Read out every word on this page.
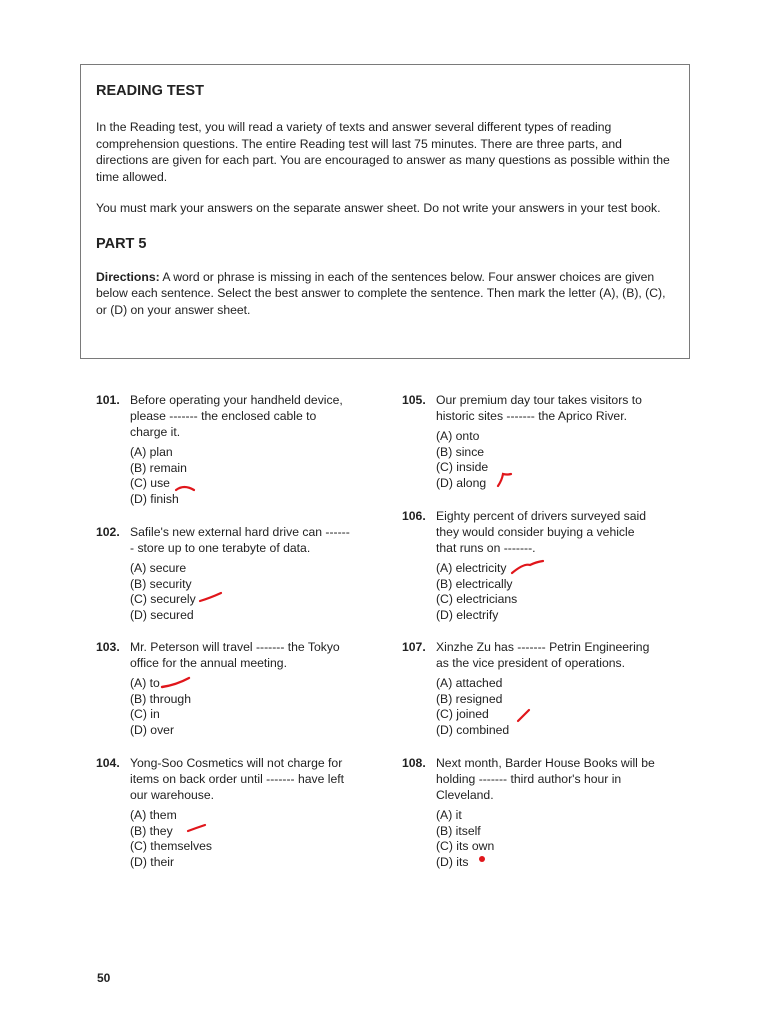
READING TEST

In the Reading test, you will read a variety of texts and answer several different types of reading comprehension questions. The entire Reading test will last 75 minutes. There are three parts, and directions are given for each part. You are encouraged to answer as many questions as possible within the time allowed.

You must mark your answers on the separate answer sheet. Do not write your answers in your test book.

PART 5

Directions: A word or phrase is missing in each of the sentences below. Four answer choices are given below each sentence. Select the best answer to complete the sentence. Then mark the letter (A), (B), (C), or (D) on your answer sheet.

101. Before operating your handheld device, please ------- the enclosed cable to charge it.
(A) plan
(B) remain
(C) use
(D) finish
102. Safile's new external hard drive can ------- store up to one terabyte of data.
(A) secure
(B) security
(C) securely
(D) secured
103. Mr. Peterson will travel ------- the Tokyo office for the annual meeting.
(A) to
(B) through
(C) in
(D) over
104. Yong-Soo Cosmetics will not charge for items on back order until ------- have left our warehouse.
(A) them
(B) they
(C) themselves
(D) their
105. Our premium day tour takes visitors to historic sites ------- the Aprico River.
(A) onto
(B) since
(C) inside
(D) along
106. Eighty percent of drivers surveyed said they would consider buying a vehicle that runs on -------.
(A) electricity
(B) electrically
(C) electricians
(D) electrify
107. Xinzhe Zu has ------- Petrin Engineering as the vice president of operations.
(A) attached
(B) resigned
(C) joined
(D) combined
108. Next month, Barder House Books will be holding ------- third author's hour in Cleveland.
(A) it
(B) itself
(C) its own
(D) its
50
